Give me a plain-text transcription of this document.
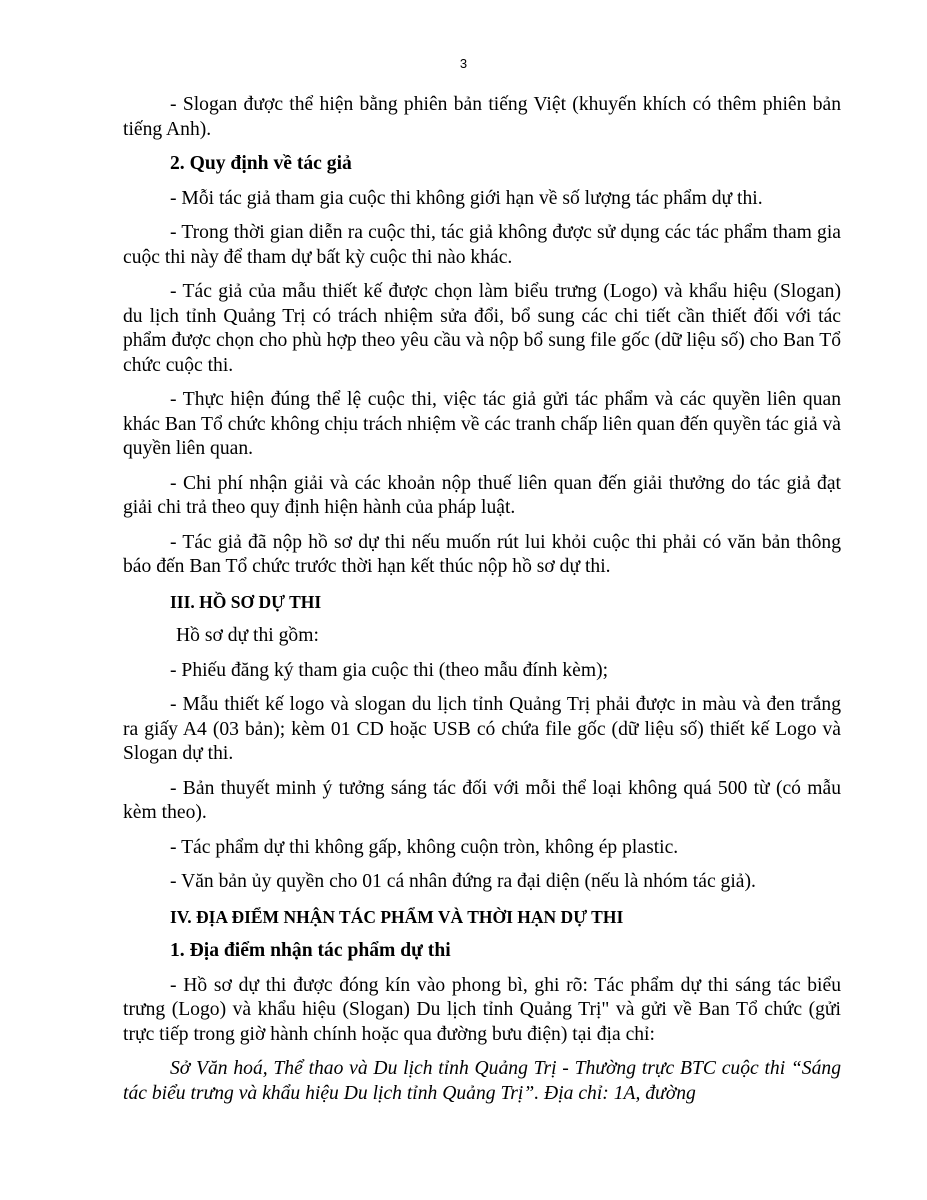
3

- Slogan được thể hiện bằng phiên bản tiếng Việt (khuyến khích có thêm phiên bản tiếng Anh).

2. Quy định về tác giả

- Mỗi tác giả tham gia cuộc thi không giới hạn về số lượng tác phẩm dự thi.

- Trong thời gian diễn ra cuộc thi, tác giả không được sử dụng các tác phẩm tham gia cuộc thi này để tham dự bất kỳ cuộc thi nào khác.

- Tác giả của mẫu thiết kế được chọn làm biểu trưng (Logo) và khẩu hiệu (Slogan) du lịch tỉnh Quảng Trị có trách nhiệm sửa đổi, bổ sung các chi tiết cần thiết đối với tác phẩm được chọn cho phù hợp theo yêu cầu và nộp bổ sung file gốc (dữ liệu số) cho Ban Tổ chức cuộc thi.

- Thực hiện đúng thể lệ cuộc thi, việc tác giả gửi tác phẩm và các quyền liên quan khác Ban Tổ chức không chịu trách nhiệm về các tranh chấp liên quan đến quyền tác giả và quyền liên quan.

- Chi phí nhận giải và các khoản nộp thuế liên quan đến giải thưởng do tác giả đạt giải chi trả theo quy định hiện hành của pháp luật.

- Tác giả đã nộp hồ sơ dự thi nếu muốn rút lui khỏi cuộc thi phải có văn bản thông báo đến Ban Tổ chức trước thời hạn kết thúc nộp hồ sơ dự thi.

III. HỒ SƠ DỰ THI

Hồ sơ dự thi gồm:

- Phiếu đăng ký tham gia cuộc thi (theo mẫu đính kèm);

- Mẫu thiết kế logo và slogan du lịch tỉnh Quảng Trị phải được in màu và đen trắng ra giấy A4 (03 bản); kèm 01 CD hoặc USB có chứa file gốc (dữ liệu số) thiết kế Logo và Slogan dự thi.

- Bản thuyết minh ý tưởng sáng tác đối với mỗi thể loại không quá 500 từ (có mẫu kèm theo).

- Tác phẩm dự thi không gấp, không cuộn tròn, không ép plastic.

- Văn bản ủy quyền cho 01 cá nhân đứng ra đại diện (nếu là nhóm tác giả).

IV. ĐỊA ĐIỂM NHẬN TÁC PHẨM VÀ THỜI HẠN DỰ THI

1. Địa điểm nhận tác phẩm dự thi

- Hồ sơ dự thi được đóng kín vào phong bì, ghi rõ: Tác phẩm dự thi sáng tác biểu trưng (Logo) và khẩu hiệu (Slogan) Du lịch tỉnh Quảng Trị" và gửi về Ban Tổ chức (gửi trực tiếp trong giờ hành chính hoặc qua đường bưu điện) tại địa chỉ:

Sở Văn hoá, Thể thao và Du lịch tỉnh Quảng Trị - Thường trực BTC cuộc thi “Sáng tác biểu trưng và khẩu hiệu Du lịch tỉnh Quảng Trị”. Địa chỉ: 1A, đường
